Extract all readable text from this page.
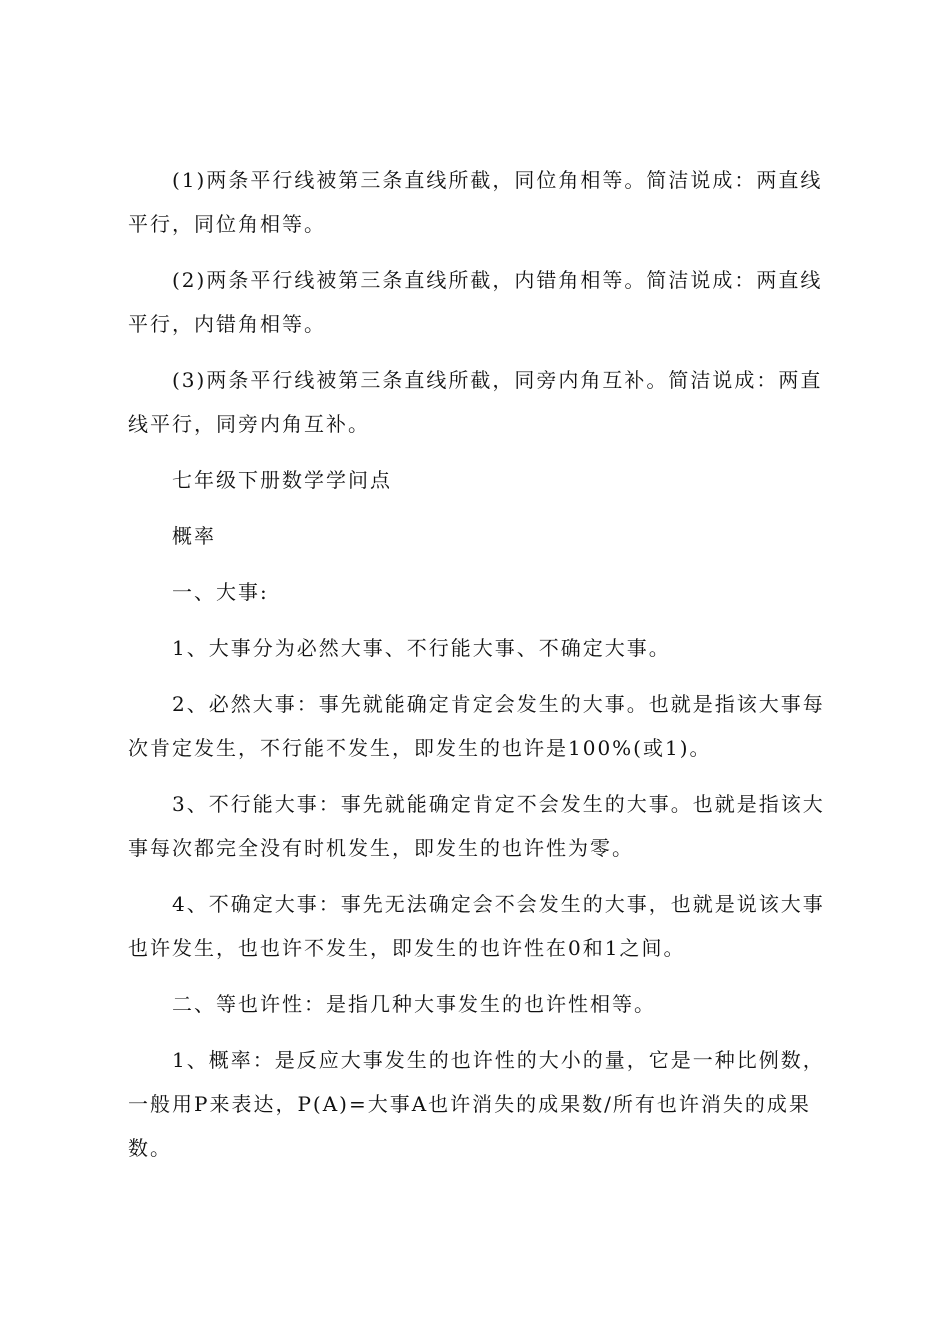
(1)两条平行线被第三条直线所截，同位角相等。简洁说成：两直线平行，同位角相等。

(2)两条平行线被第三条直线所截，内错角相等。简洁说成：两直线平行，内错角相等。

(3)两条平行线被第三条直线所截，同旁内角互补。简洁说成：两直线平行，同旁内角互补。

七年级下册数学学问点

概率

一、大事:

1、大事分为必然大事、不行能大事、不确定大事。

2、必然大事：事先就能确定肯定会发生的大事。也就是指该大事每次肯定发生，不行能不发生，即发生的也许是100%(或1)。

3、不行能大事：事先就能确定肯定不会发生的大事。也就是指该大事每次都完全没有时机发生，即发生的也许性为零。

4、不确定大事：事先无法确定会不会发生的大事，也就是说该大事也许发生，也也许不发生，即发生的也许性在0和1之间。

二、等也许性：是指几种大事发生的也许性相等。

1、概率：是反应大事发生的也许性的大小的量，它是一种比例数，一般用P来表达，P(A)=大事A也许消失的成果数/所有也许消失的成果数。
